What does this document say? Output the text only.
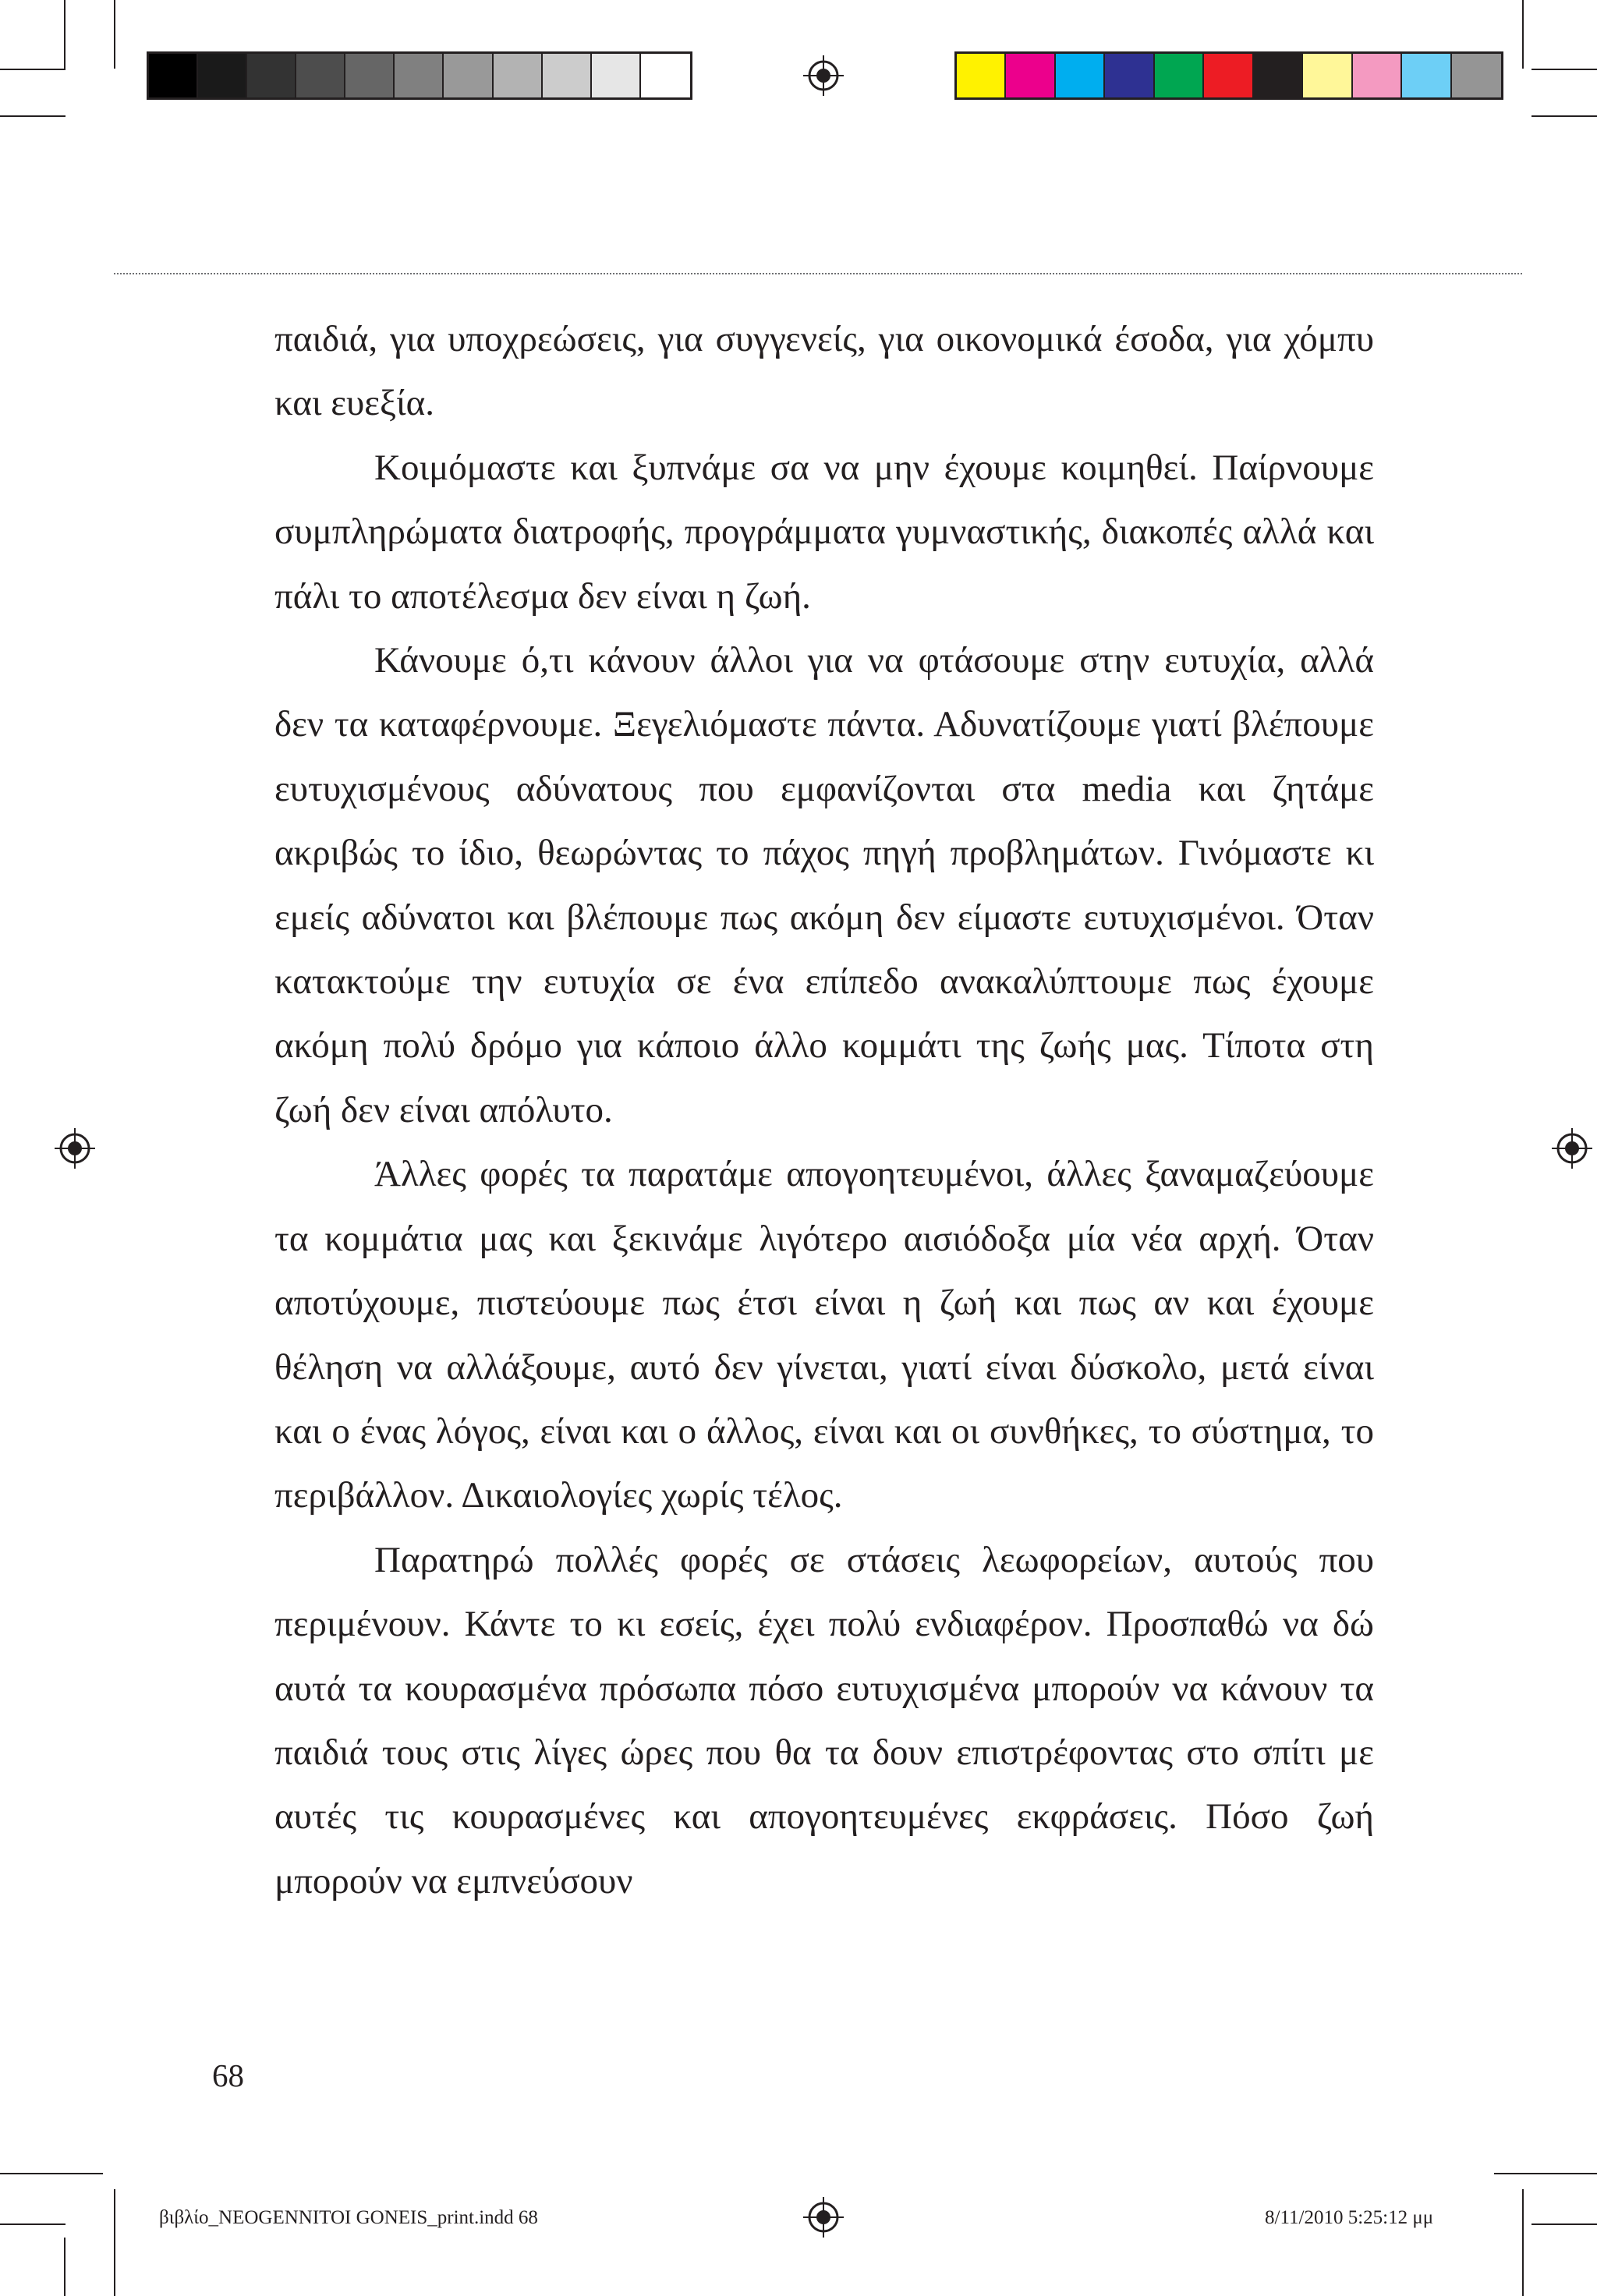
παιδιά, για υποχρεώσεις, για συγγενείς, για οικονομικά έσοδα, για χόμπυ και ευεξία.

Κοιμόμαστε και ξυπνάμε σα να μην έχουμε κοιμηθεί. Παίρνουμε συμπληρώματα διατροφής, προγράμματα γυμναστικής, διακοπές αλλά και πάλι το αποτέλεσμα δεν είναι η ζωή.

Κάνουμε ό,τι κάνουν άλλοι για να φτάσουμε στην ευτυχία, αλλά δεν τα καταφέρνουμε. Ξεγελιόμαστε πάντα. Αδυνατίζουμε γιατί βλέπουμε ευτυχισμένους αδύνατους που εμφανίζονται στα media και ζητάμε ακριβώς το ίδιο, θεωρώντας το πάχος πηγή προβλημάτων. Γινόμαστε κι εμείς αδύνατοι και βλέπουμε πως ακόμη δεν είμαστε ευτυχισμένοι. Όταν κατακτούμε την ευτυχία σε ένα επίπεδο ανακαλύπτουμε πως έχουμε ακόμη πολύ δρόμο για κάποιο άλλο κομμάτι της ζωής μας. Τίποτα στη ζωή δεν είναι απόλυτο.

Άλλες φορές τα παρατάμε απογοητευμένοι, άλλες ξαναμαζεύουμε τα κομμάτια μας και ξεκινάμε λιγότερο αισιόδοξα μία νέα αρχή. Όταν αποτύχουμε, πιστεύουμε πως έτσι είναι η ζωή και πως αν και έχουμε θέληση να αλλάξουμε, αυτό δεν γίνεται, γιατί είναι δύσκολο, μετά είναι και ο ένας λόγος, είναι και ο άλλος, είναι και οι συνθήκες, το σύστημα, το περιβάλλον. Δικαιολογίες χωρίς τέλος.

Παρατηρώ πολλές φορές σε στάσεις λεωφορείων, αυτούς που περιμένουν. Κάντε το κι εσείς, έχει πολύ ενδιαφέρον. Προσπαθώ να δώ αυτά τα κουρασμένα πρόσωπα πόσο ευτυχισμένα μπορούν να κάνουν τα παιδιά τους στις λίγες ώρες που θα τα δουν επιστρέφοντας στο σπίτι με αυτές τις κουρασμένες και απογοητευμένες εκφράσεις. Πόσο ζωή μπορούν να εμπνεύσουν

68
βιβλίο_NEOGENNITOI GONEIS_print.indd 68	8/11/2010 5:25:12 μμ
